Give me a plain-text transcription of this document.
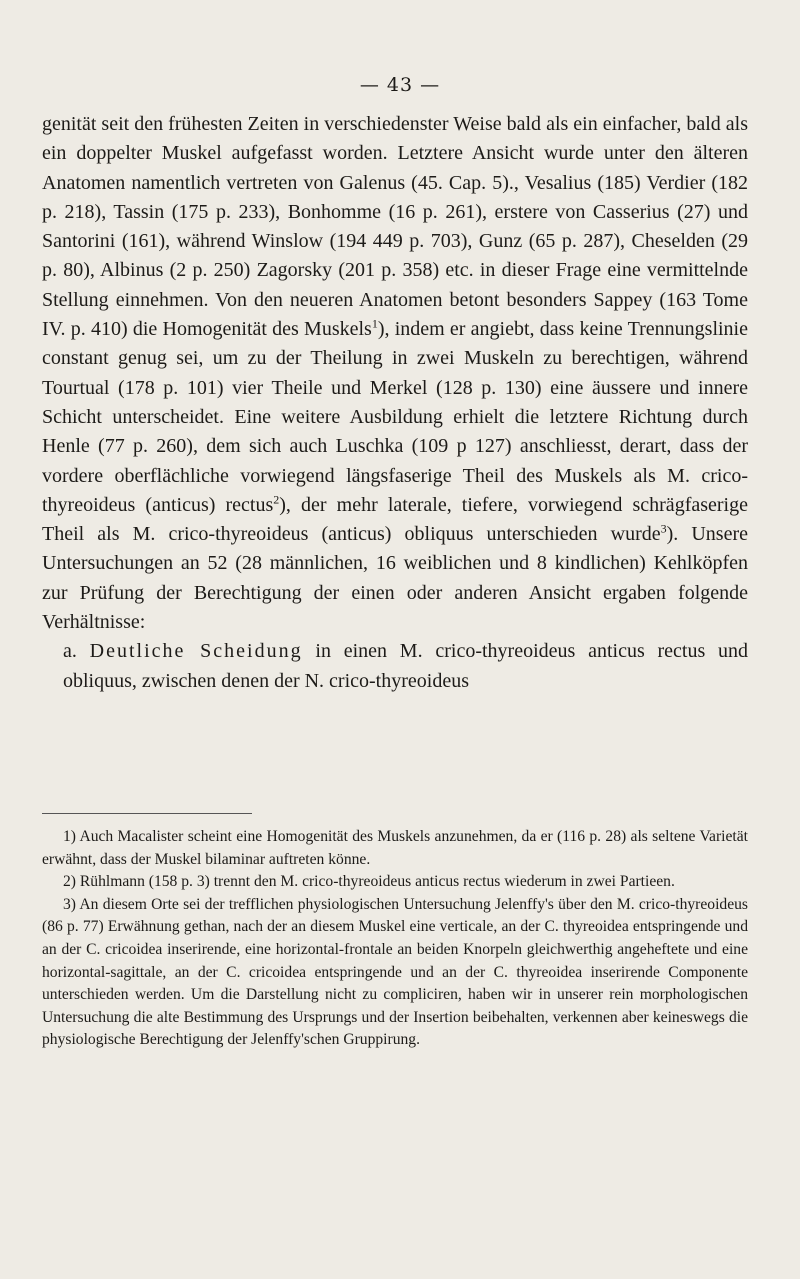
— 43 —

genität seit den frühesten Zeiten in verschiedenster Weise bald als ein einfacher, bald als ein doppelter Muskel aufgefasst worden. Letztere Ansicht wurde unter den älteren Anatomen namentlich vertreten von Galenus (45. Cap. 5)., Vesalius (185) Verdier (182 p. 218), Tassin (175 p. 233), Bonhomme (16 p. 261), erstere von Casserius (27) und Santorini (161), während Winslow (194 449 p. 703), Gunz (65 p. 287), Cheselden (29 p. 80), Albinus (2 p. 250) Zagorsky (201 p. 358) etc. in dieser Frage eine vermittelnde Stellung einnehmen. Von den neueren Anatomen betont besonders Sappey (163 Tome IV. p. 410) die Homogenität des Muskels$^1$), indem er angiebt, dass keine Trennungslinie constant genug sei, um zu der Theilung in zwei Muskeln zu berechtigen, während Tourtual (178 p. 101) vier Theile und Merkel (128 p. 130) eine äussere und innere Schicht unterscheidet. Eine weitere Ausbildung erhielt die letztere Richtung durch Henle (77 p. 260), dem sich auch Luschka (109 p 127) anschliesst, derart, dass der vordere oberflächliche vorwiegend längsfaserige Theil des Muskels als M. crico-thyreoideus (anticus) rectus$^2$), der mehr laterale, tiefere, vorwiegend schrägfaserige Theil als M. crico-thyreoideus (anticus) obliquus unterschieden wurde$^3$). Unsere Untersuchungen an 52 (28 männlichen, 16 weiblichen und 8 kindlichen) Kehlköpfen zur Prüfung der Berechtigung der einen oder anderen Ansicht ergaben folgende Verhältnisse:

a. Deutliche Scheidung in einen M. crico-thyreoideus anticus rectus und obliquus, zwischen denen der N. crico-thyreoideus

1) Auch Macalister scheint eine Homogenität des Muskels anzunehmen, da er (116 p. 28) als seltene Varietät erwähnt, dass der Muskel bilaminar auftreten könne.

2) Rühlmann (158 p. 3) trennt den M. crico-thyreoideus anticus rectus wiederum in zwei Partieen.

3) An diesem Orte sei der trefflichen physiologischen Untersuchung Jelenffy's über den M. crico-thyreoideus (86 p. 77) Erwähnung gethan, nach der an diesem Muskel eine verticale, an der C. thyreoidea entspringende und an der C. cricoidea inserirende, eine horizontal-frontale an beiden Knorpeln gleichwerthig angeheftete und eine horizontal-sagittale, an der C. cricoidea entspringende und an der C. thyreoidea inserirende Componente unterschieden werden. Um die Darstellung nicht zu compliciren, haben wir in unserer rein morphologischen Untersuchung die alte Bestimmung des Ursprungs und der Insertion beibehalten, verkennen aber keineswegs die physiologische Berechtigung der Jelenffy'schen Gruppirung.
